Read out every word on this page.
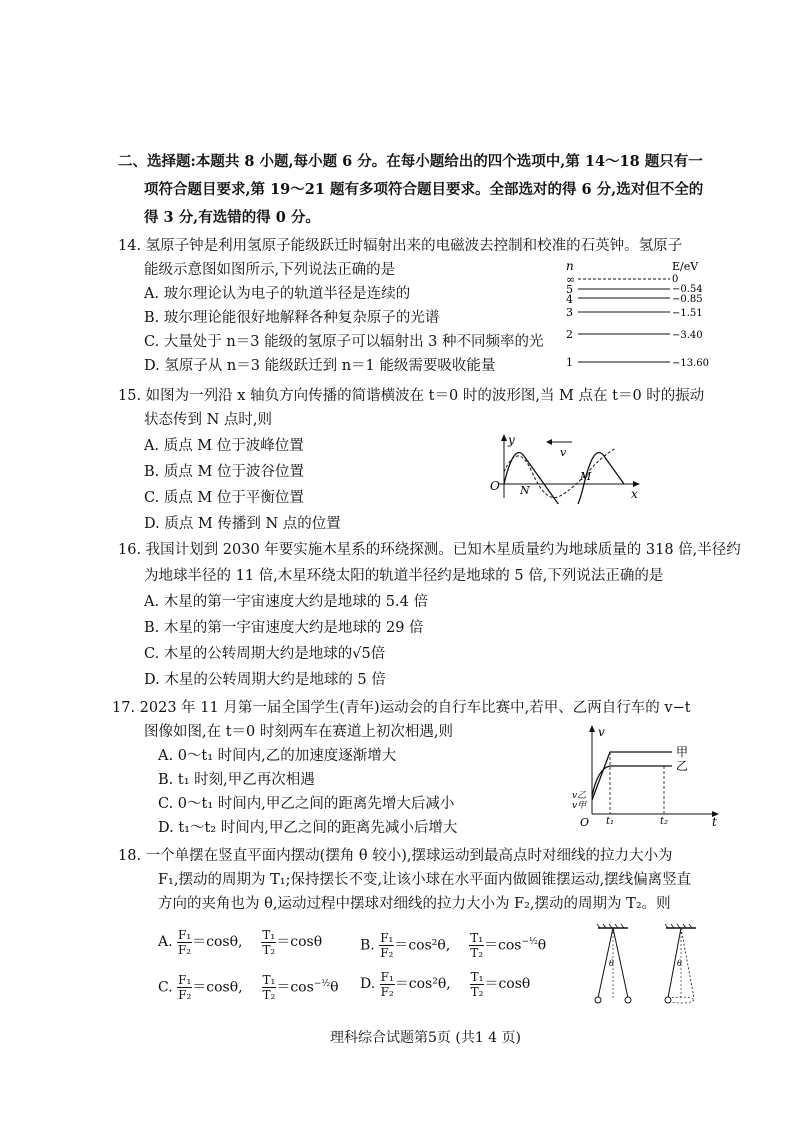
二、选择题:本题共 8 小题,每小题 6 分。在每小题给出的四个选项中,第 14～18 题只有一
项符合题目要求,第 19～21 题有多项符合题目要求。全部选对的得 6 分,选对但不全的
得 3 分,有选错的得 0 分。
14. 氢原子钟是利用氢原子能级跃迁时辐射出来的电磁波去控制和校准的石英钟。氢原子
能级示意图如图所示,下列说法正确的是
A. 玻尔理论认为电子的轨道半径是连续的
B. 玻尔理论能很好地解释各种复杂原子的光谱
C. 大量处于 n＝3 能级的氢原子可以辐射出 3 种不同频率的光
D. 氢原子从 n＝3 能级跃迁到 n＝1 能级需要吸收能量
n	E/eV
∞	0
5	−0.54
4	−0.85
3	−1.51
2	−3.40
1	−13.60
15. 如图为一列沿 x 轴负方向传播的简谐横波在 t＝0 时的波形图,当 M 点在 t＝0 时的振动
状态传到 N 点时,则
A. 质点 M 位于波峰位置
B. 质点 M 位于波谷位置
C. 质点 M 位于平衡位置
D. 质点 M 传播到 N 点的位置
y
x
O
v
N
M
16. 我国计划到 2030 年要实施木星系的环绕探测。已知木星质量约为地球质量的 318 倍,半径约
为地球半径的 11 倍,木星环绕太阳的轨道半径约是地球的 5 倍,下列说法正确的是
A. 木星的第一宇宙速度大约是地球的 5.4 倍
B. 木星的第一宇宙速度大约是地球的 29 倍
C. 木星的公转周期大约是地球的√5倍
D. 木星的公转周期大约是地球的 5 倍
17. 2023 年 11 月第一届全国学生(青年)运动会的自行车比赛中,若甲、乙两自行车的 v−t
图像如图,在 t＝0 时刻两车在赛道上初次相遇,则
A. 0～t₁ 时间内,乙的加速度逐渐增大
B. t₁ 时刻,甲乙再次相遇
C. 0～t₁ 时间内,甲乙之间的距离先增大后减小
D. t₁～t₂ 时间内,甲乙之间的距离先减小后增大
v
t
O
甲
乙
v乙
v甲
t₁	t₂
18. 一个单摆在竖直平面内摆动(摆角 θ 较小),摆球运动到最高点时对细线的拉力大小为
F₁,摆动的周期为 T₁;保持摆长不变,让该小球在水平面内做圆锥摆运动,摆线偏离竖直
方向的夹角也为 θ,运动过程中摆球对细线的拉力大小为 F₂,摆动的周期为 T₂。则
A. $\frac{\text{F₁}}{\text{F₂}} =\cos\theta$, $\frac{\text{T₁}}{\text{T₂}} =\cos\theta$	B. $\frac{\text{F₁}}{\text{F₂}} =\cos^2\theta$, $\frac{\text{T₁}}{\text{T₂}} =\cos^{-\frac{1}{2}}\theta$
C. $\frac{\text{F₁}}{\text{F₂}} =\cos\theta$, $\frac{\text{T₁}}{\text{T₂}} =\cos^{-\frac{1}{2}}\theta$ D. $\frac{\text{F₁}}{\text{F₂}} =\cos^2\theta$, $\frac{\text{T₁}}{\text{T₂}} =\cos\theta$
θ	θ
理科综合试题第5页 (共1 4 页)
